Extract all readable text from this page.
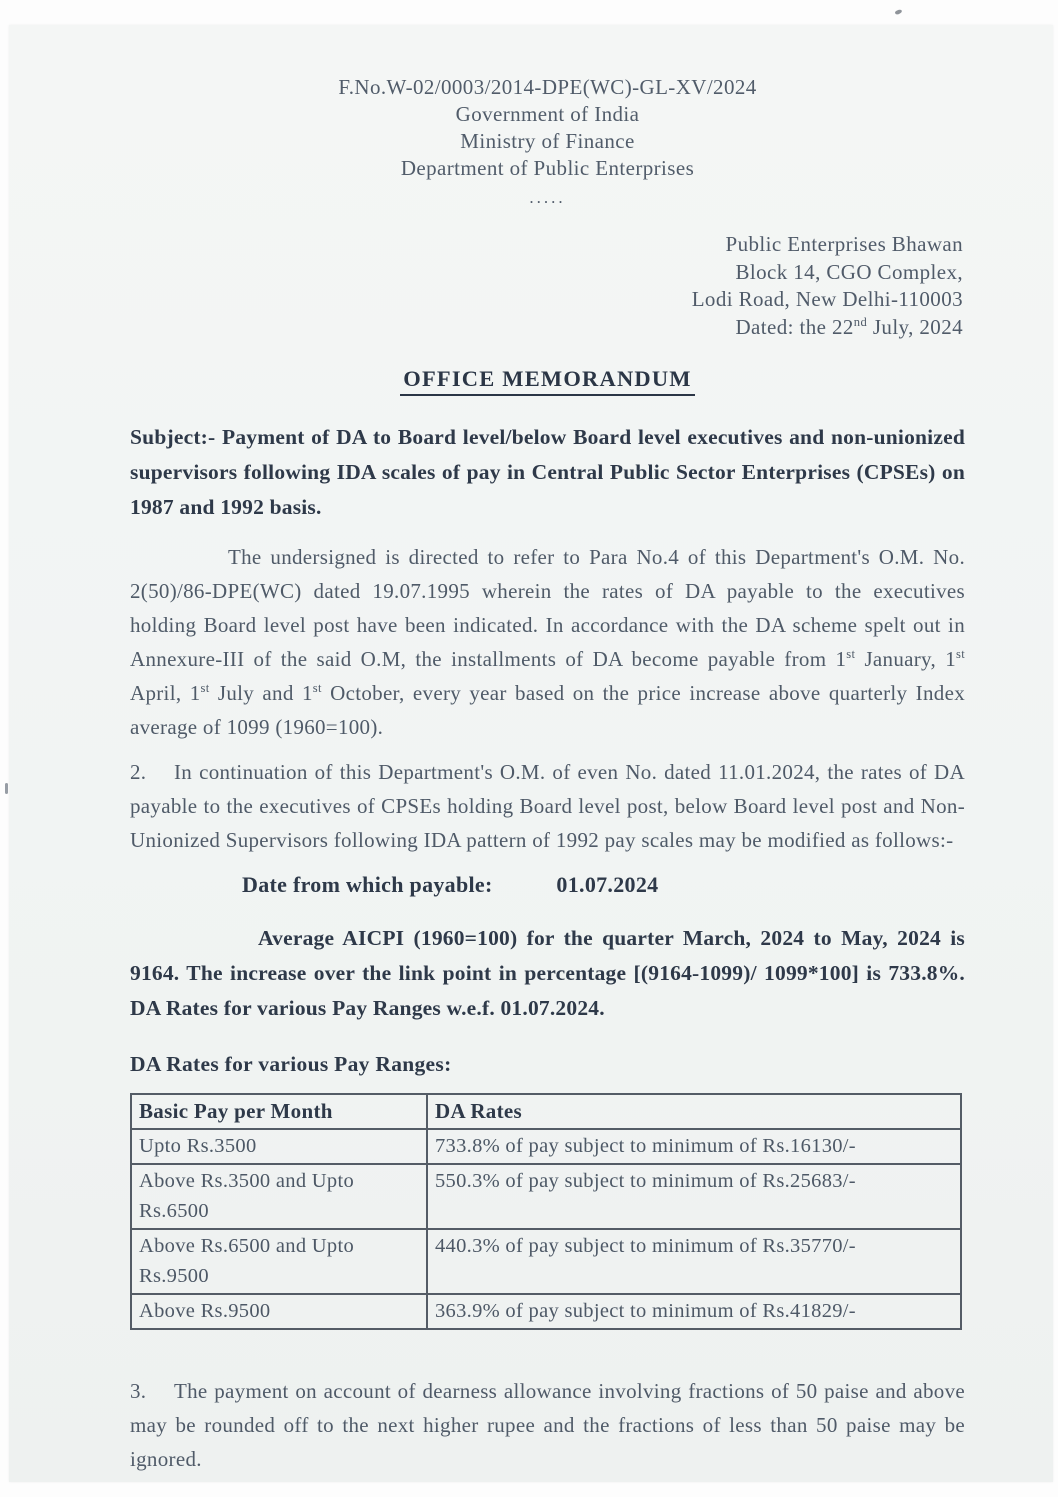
F.No.W-02/0003/2014-DPE(WC)-GL-XV/2024
Government of India
Ministry of Finance
Department of Public Enterprises
.....
Public Enterprises Bhawan
Block 14, CGO Complex,
Lodi Road, New Delhi-110003
Dated: the 22nd July, 2024
OFFICE MEMORANDUM
Subject:- Payment of DA to Board level/below Board level executives and non-unionized supervisors following IDA scales of pay in Central Public Sector Enterprises (CPSEs) on 1987 and 1992 basis.
The undersigned is directed to refer to Para No.4 of this Department's O.M. No. 2(50)/86-DPE(WC) dated 19.07.1995 wherein the rates of DA payable to the executives holding Board level post have been indicated. In accordance with the DA scheme spelt out in Annexure-III of the said O.M, the installments of DA become payable from 1st January, 1st April, 1st July and 1st October, every year based on the price increase above quarterly Index average of 1099 (1960=100).
2. In continuation of this Department's O.M. of even No. dated 11.01.2024, the rates of DA payable to the executives of CPSEs holding Board level post, below Board level post and Non-Unionized Supervisors following IDA pattern of 1992 pay scales may be modified as follows:-
Date from which payable:	01.07.2024
Average AICPI (1960=100) for the quarter March, 2024 to May, 2024 is 9164. The increase over the link point in percentage [(9164-1099)/ 1099*100] is 733.8%. DA Rates for various Pay Ranges w.e.f. 01.07.2024.
DA Rates for various Pay Ranges:
Basic Pay per Month	DA Rates
Upto Rs.3500	733.8% of pay subject to minimum of Rs.16130/-
Above Rs.3500 and Upto Rs.6500	550.3% of pay subject to minimum of Rs.25683/-
Above Rs.6500 and Upto Rs.9500	440.3% of pay subject to minimum of Rs.35770/-
Above Rs.9500	363.9% of pay subject to minimum of Rs.41829/-
3. The payment on account of dearness allowance involving fractions of 50 paise and above may be rounded off to the next higher rupee and the fractions of less than 50 paise may be ignored.
